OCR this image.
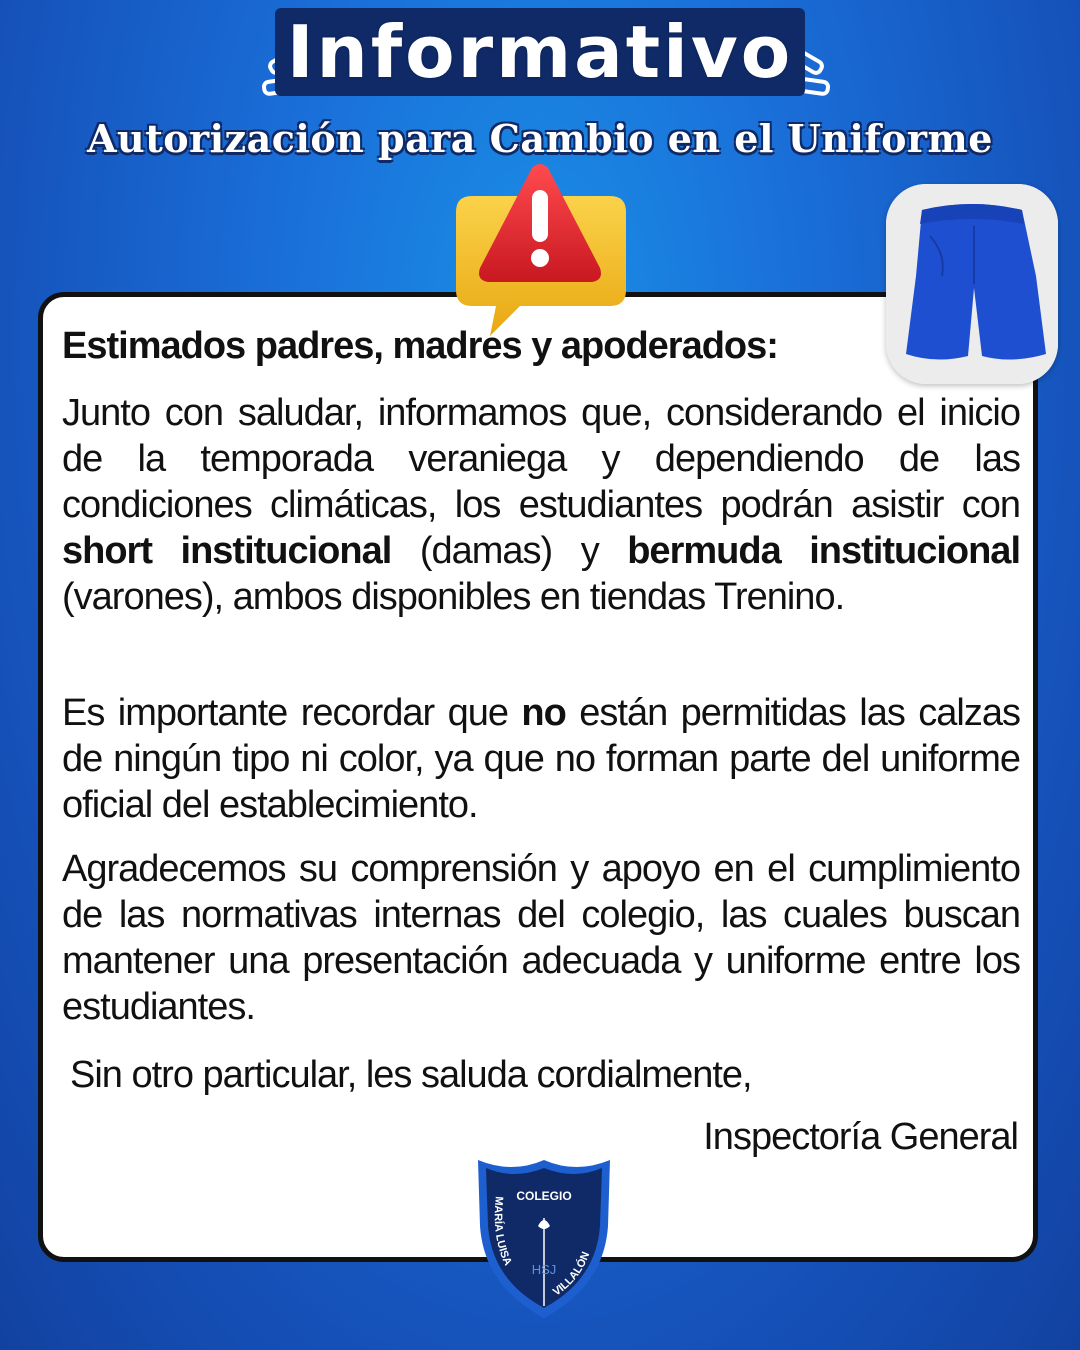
Informativo
Autorización para Cambio en el Uniforme
Estimados padres, madres y apoderados:
Junto con saludar, informamos que, considerando el inicio de la temporada veraniega y dependiendo de las condiciones climáticas, los estudiantes podrán asistir con short institucional (damas) y bermuda institucional (varones), ambos disponibles en tiendas Trenino.
Es importante recordar que no están permitidas las calzas de ningún tipo ni color, ya que no forman parte del uniforme oficial del establecimiento.
Agradecemos su comprensión y apoyo en el cumplimiento de las normativas internas del colegio, las cuales buscan mantener una presentación adecuada y uniforme entre los estudiantes.
Sin otro particular, les saluda cordialmente,
Inspectoría General
COLEGIO
MARÍA LUISA
VILLALÓN
HSJ
